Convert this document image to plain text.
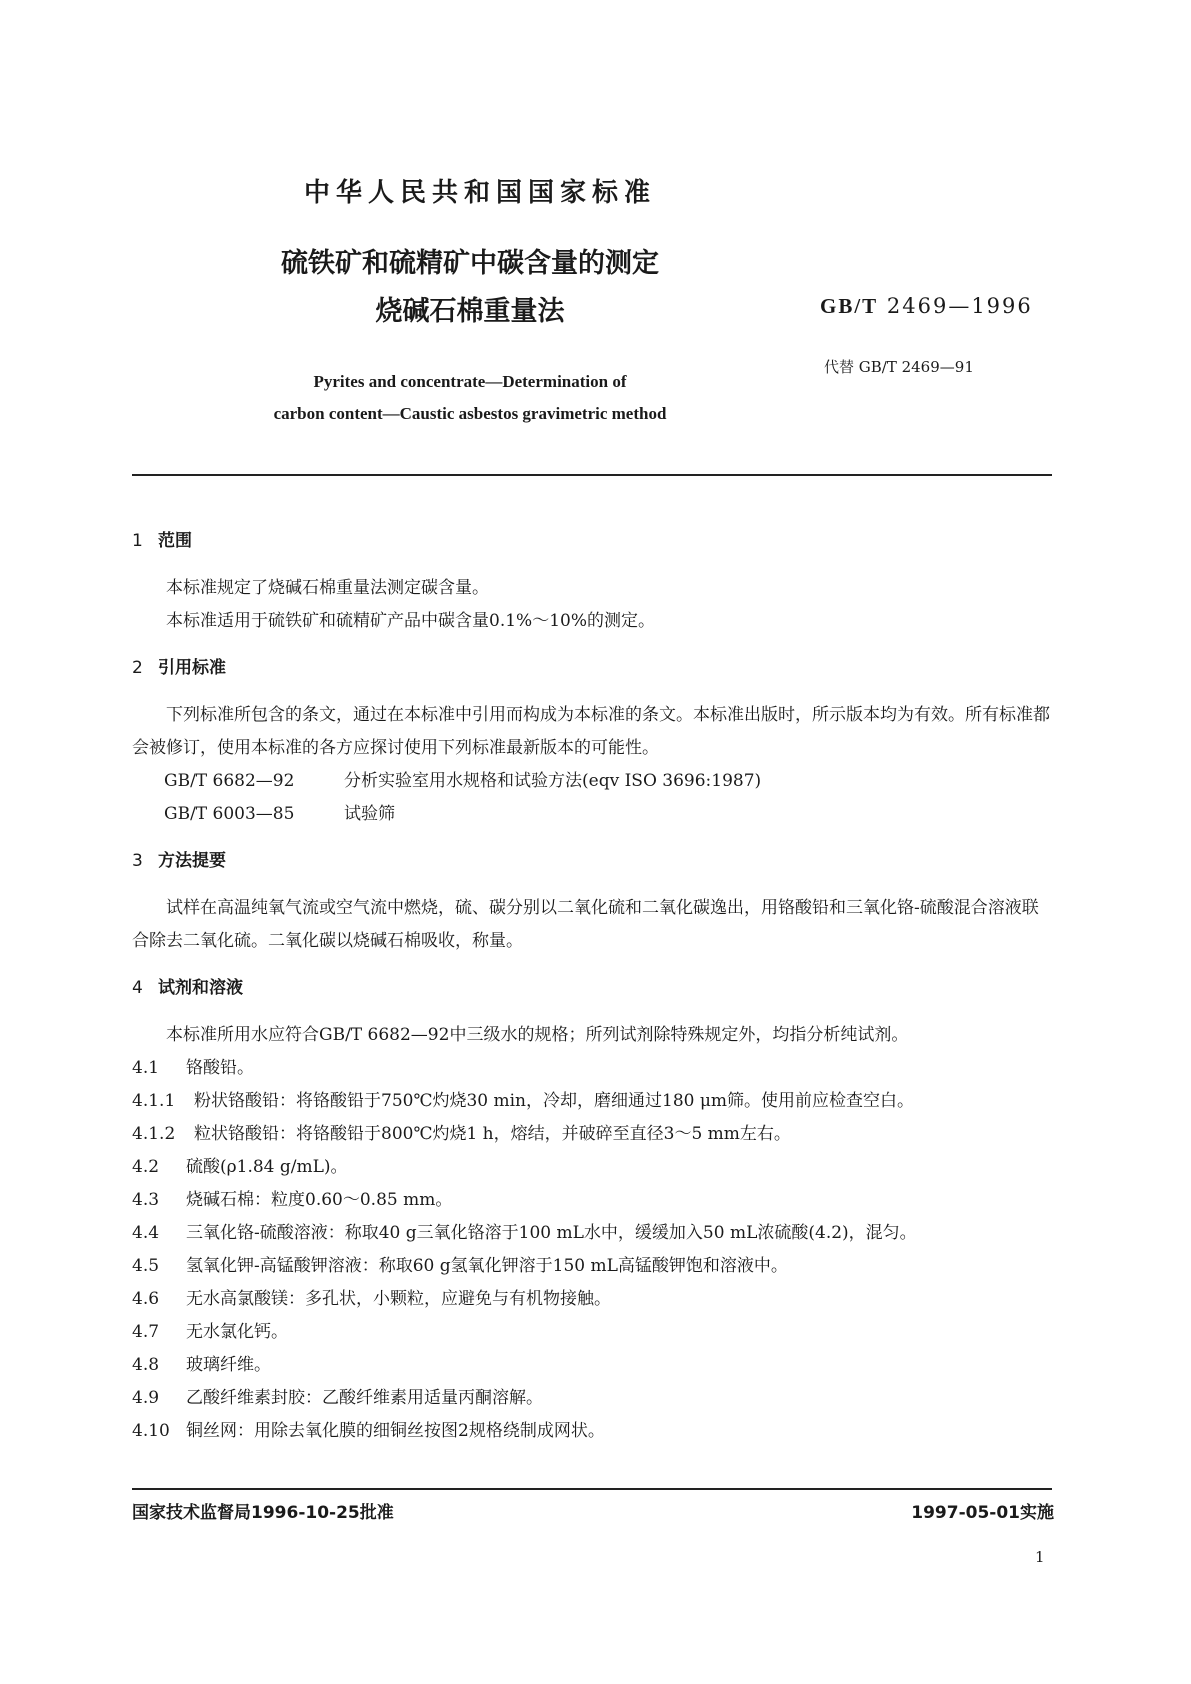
中华人民共和国国家标准
硫铁矿和硫精矿中碳含量的测定
烧碱石棉重量法	GB/T 2469—1996
代替 GB/T 2469—91
Pyrites and concentrate—Determination of
carbon content—Caustic asbestos gravimetric method
1 范围

本标准规定了烧碱石棉重量法测定碳含量。

本标准适用于硫铁矿和硫精矿产品中碳含量0.1%～10%的测定。

2 引用标准

下列标准所包含的条文，通过在本标准中引用而构成为本标准的条文。本标准出版时，所示版本均为有效。所有标准都会被修订，使用本标准的各方应探讨使用下列标准最新版本的可能性。

GB/T 6682—92	分析实验室用水规格和试验方法(eqv ISO 3696:1987)
GB/T 6003—85	试验筛
3 方法提要

试样在高温纯氧气流或空气流中燃烧，硫、碳分别以二氧化硫和二氧化碳逸出，用铬酸铅和三氧化铬-硫酸混合溶液联合除去二氧化硫。二氧化碳以烧碱石棉吸收，称量。

4 试剂和溶液

本标准所用水应符合GB/T 6682—92中三级水的规格；所列试剂除特殊规定外，均指分析纯试剂。

4.1 铬酸铅。
4.1.1 粉状铬酸铅：将铬酸铅于750℃灼烧30 min，冷却，磨细通过180 μm筛。使用前应检查空白。
4.1.2 粒状铬酸铅：将铬酸铅于800℃灼烧1 h，熔结，并破碎至直径3～5 mm左右。
4.2 硫酸(ρ1.84 g/mL)。
4.3 烧碱石棉：粒度0.60～0.85 mm。
4.4 三氧化铬-硫酸溶液：称取40 g三氧化铬溶于100 mL水中，缓缓加入50 mL浓硫酸(4.2)，混匀。
4.5 氢氧化钾-高锰酸钾溶液：称取60 g氢氧化钾溶于150 mL高锰酸钾饱和溶液中。
4.6 无水高氯酸镁：多孔状，小颗粒，应避免与有机物接触。
4.7 无水氯化钙。
4.8 玻璃纤维。
4.9 乙酸纤维素封胶：乙酸纤维素用适量丙酮溶解。
4.10 铜丝网：用除去氧化膜的细铜丝按图2规格绕制成网状。
国家技术监督局1996-10-25批准	1997-05-01实施
1
